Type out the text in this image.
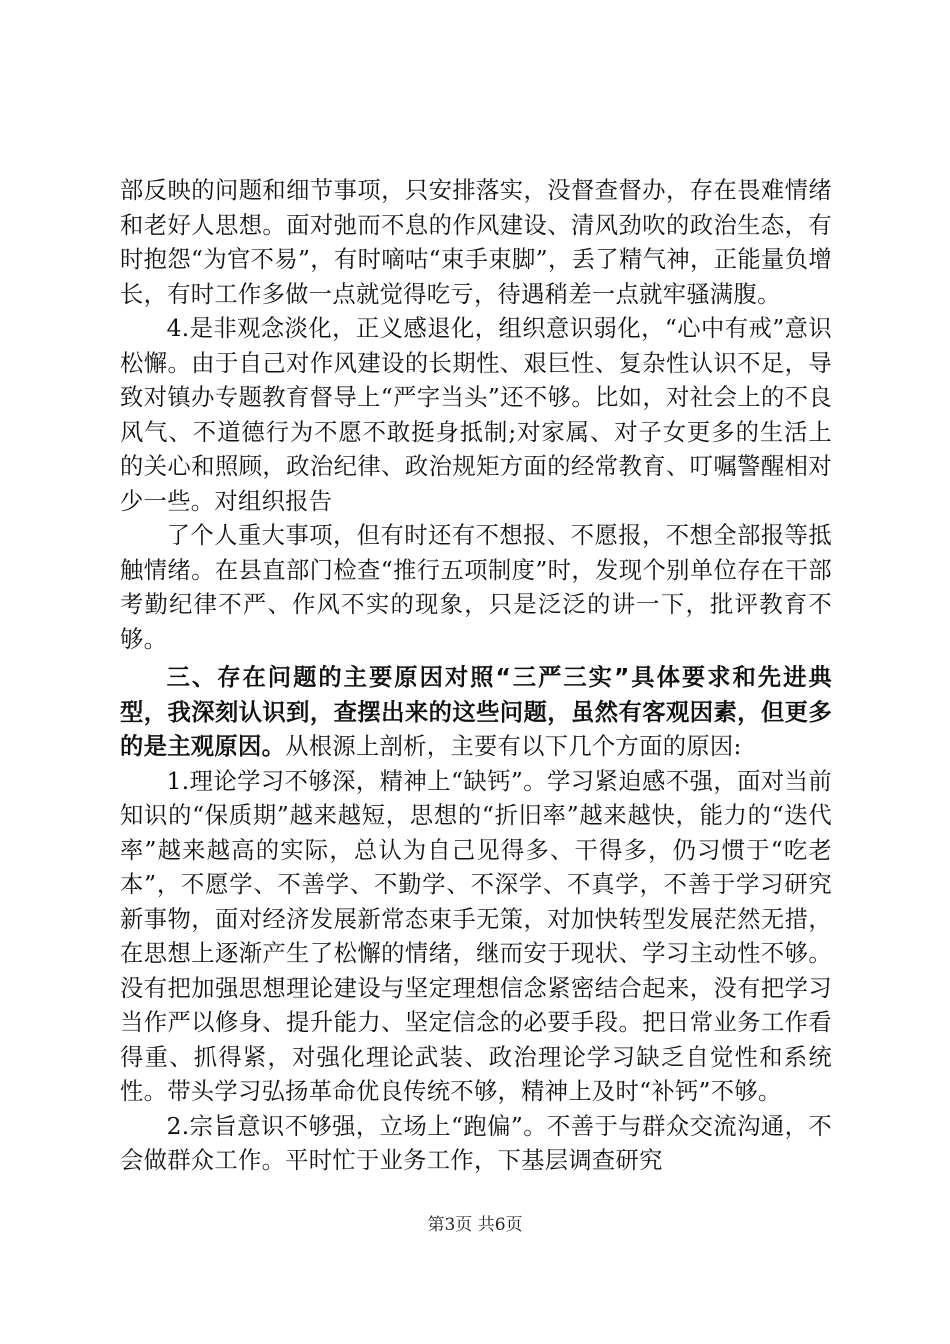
部反映的问题和细节事项，只安排落实，没督查督办，存在畏难情绪和老好人思想。面对弛而不息的作风建设、清风劲吹的政治生态，有时抱怨“为官不易”，有时嘀咕“束手束脚”，丢了精气神，正能量负增长，有时工作多做一点就觉得吃亏，待遇稍差一点就牢骚满腹。

4.是非观念淡化，正义感退化，组织意识弱化，“心中有戒”意识松懈。由于自己对作风建设的长期性、艰巨性、复杂性认识不足，导致对镇办专题教育督导上“严字当头”还不够。比如，对社会上的不良风气、不道德行为不愿不敢挺身抵制;对家属、对子女更多的生活上的关心和照顾，政治纪律、政治规矩方面的经常教育、叮嘱警醒相对少一些。对组织报告

了个人重大事项，但有时还有不想报、不愿报，不想全部报等抵触情绪。在县直部门检查“推行五项制度”时，发现个别单位存在干部考勤纪律不严、作风不实的现象，只是泛泛的讲一下，批评教育不够。

三、存在问题的主要原因对照“三严三实”具体要求和先进典型，我深刻认识到，查摆出来的这些问题，虽然有客观因素，但更多的是主观原因。从根源上剖析，主要有以下几个方面的原因:

1.理论学习不够深，精神上“缺钙”。学习紧迫感不强，面对当前知识的“保质期”越来越短，思想的“折旧率”越来越快，能力的“迭代率”越来越高的实际，总认为自己见得多、干得多，仍习惯于“吃老本”，不愿学、不善学、不勤学、不深学、不真学，不善于学习研究新事物，面对经济发展新常态束手无策，对加快转型发展茫然无措，在思想上逐渐产生了松懈的情绪，继而安于现状、学习主动性不够。没有把加强思想理论建设与坚定理想信念紧密结合起来，没有把学习当作严以修身、提升能力、坚定信念的必要手段。把日常业务工作看得重、抓得紧，对强化理论武装、政治理论学习缺乏自觉性和系统性。带头学习弘扬革命优良传统不够，精神上及时“补钙”不够。

2.宗旨意识不够强，立场上“跑偏”。不善于与群众交流沟通，不会做群众工作。平时忙于业务工作，下基层调查研究

第3页 共6页
